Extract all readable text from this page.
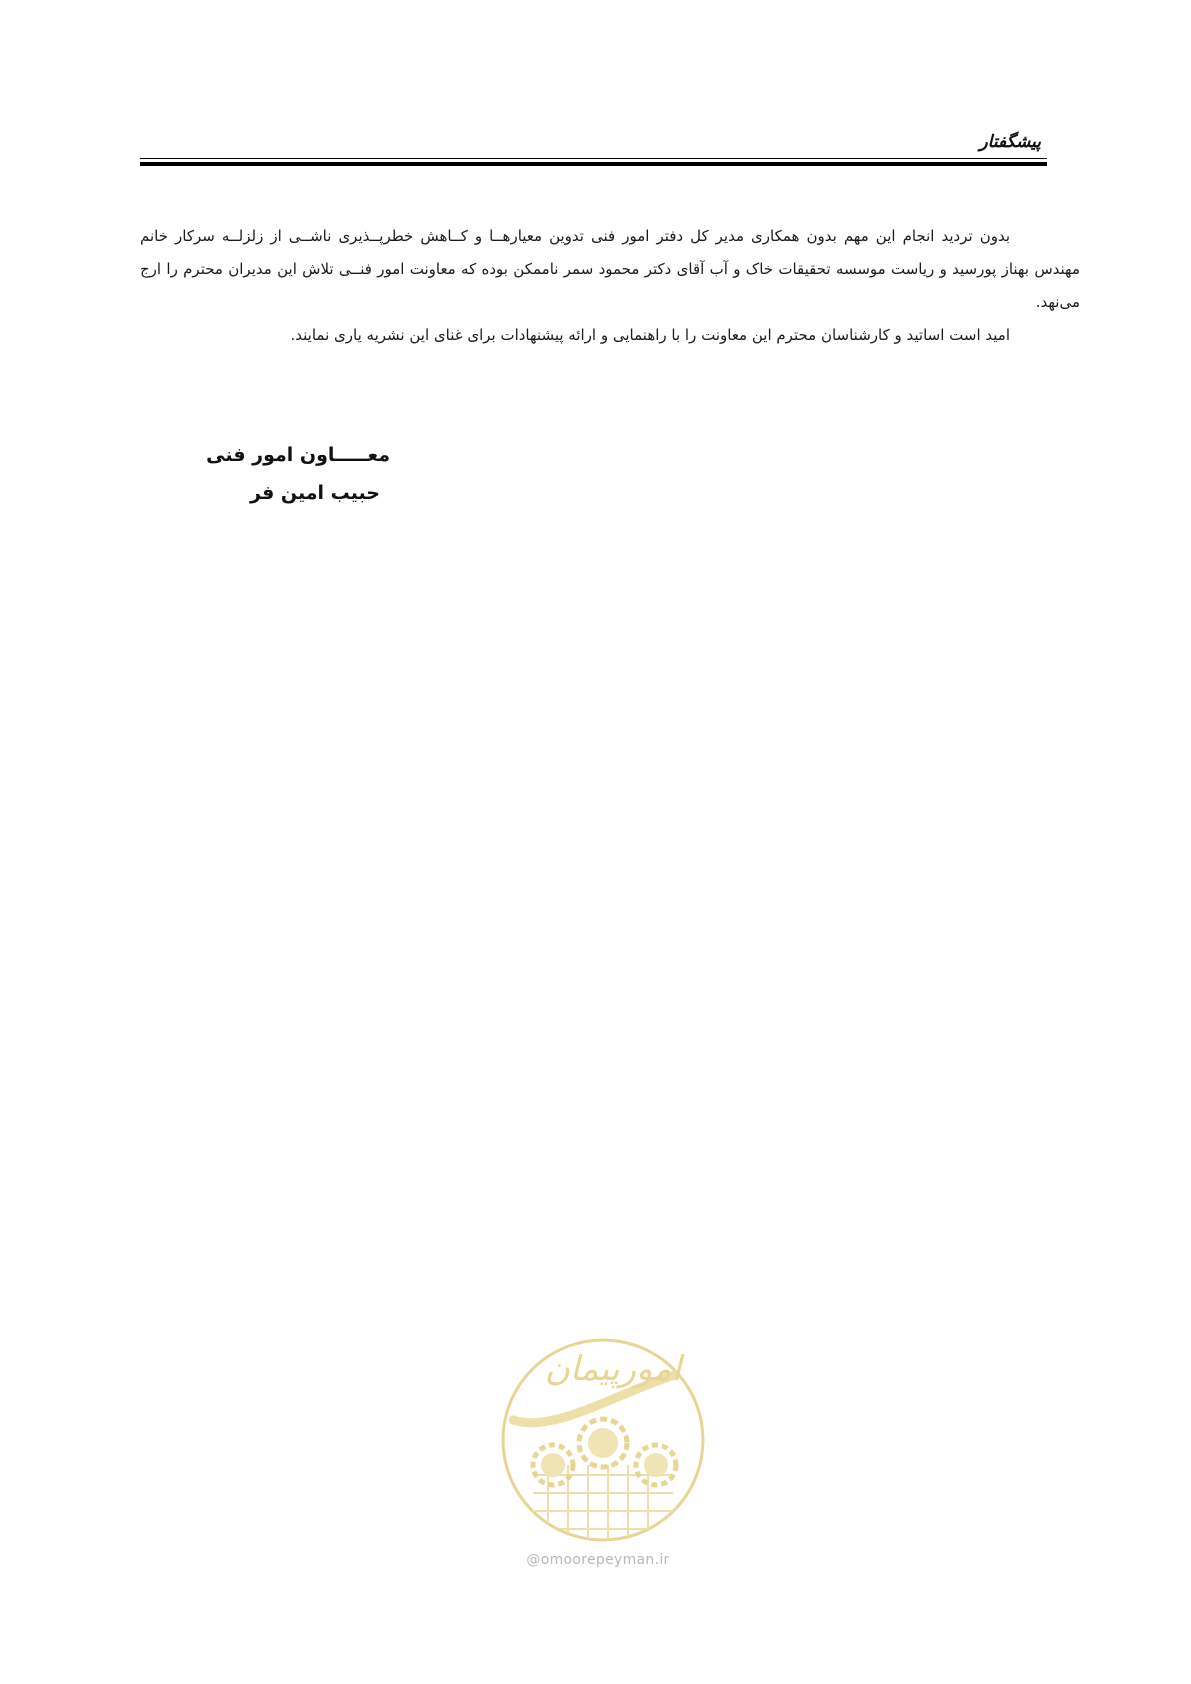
پیشگفتار

بدون تردید انجام این مهم بدون همکاری مدیر کل دفتر امور فنی تدوین معیارهــا و کــاهش خطرپــذیری ناشــی از زلزلــه سرکار خانم مهندس بهناز پورسید و ریاست موسسه تحقیقات خاک و آب آقای دکتر محمود سمر ناممکن بوده که معاونت امور فنــی تلاش این مدیران محترم را ارج می‌نهد.

امید است اساتید و کارشناسان محترم این معاونت را با راهنمایی و ارائه پیشنهادات برای غنای این نشریه یاری نمایند.

معـــــاون امور فنی
حبیب امین فر
امورپیمان
@omoorepeyman.ir
